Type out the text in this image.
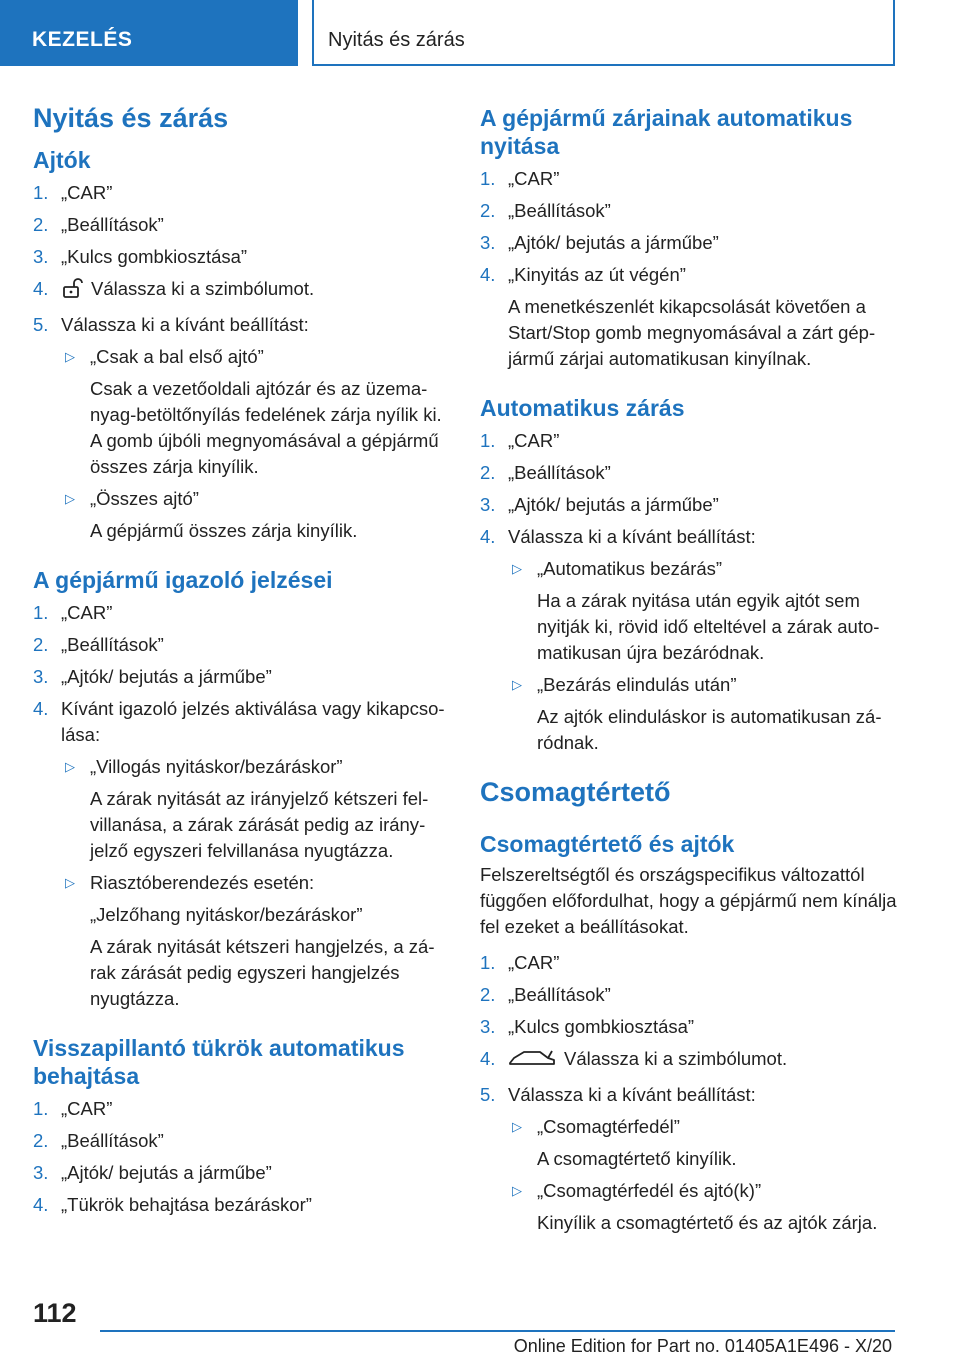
KEZELÉS	Nyitás és zárás
Nyitás és zárás
Ajtók
1. „CAR”
2. „Beállítások”
3. „Kulcs gombkiosztása”
4. Válassza ki a szimbólumot.
5. Válassza ki a kívánt beállítást:
▷ „Csak a bal első ajtó”
Csak a vezetőoldali ajtózár és az üzemanyag-betöltőnyílás fedelének zárja nyílik ki. A gomb újbóli megnyomásával a gépjármű összes zárja kinyílik.
▷ „Összes ajtó”
A gépjármű összes zárja kinyílik.
A gépjármű igazoló jelzései
1. „CAR”
2. „Beállítások”
3. „Ajtók/ bejutás a járműbe”
4. Kívánt igazoló jelzés aktiválása vagy kikapcsolása:
▷ „Villogás nyitáskor/bezáráskor”
A zárak nyitását az irányjelző kétszeri felvillanása, a zárak zárását pedig az irányjelző egyszeri felvillanása nyugtázza.
▷ Riasztóberendezés esetén:
„Jelzőhang nyitáskor/bezáráskor”
A zárak nyitását kétszeri hangjelzés, a zárak zárását pedig egyszeri hangjelzés nyugtázza.
Visszapillantó tükrök automatikus behajtása
1. „CAR”
2. „Beállítások”
3. „Ajtók/ bejutás a járműbe”
4. „Tükrök behajtása bezáráskor”
A gépjármű zárjainak automatikus nyitása
1. „CAR”
2. „Beállítások”
3. „Ajtók/ bejutás a járműbe”
4. „Kinyitás az út végén”
A menetkészenlét kikapcsolását követően a Start/Stop gomb megnyomásával a zárt gépjármű zárjai automatikusan kinyílnak.
Automatikus zárás
1. „CAR”
2. „Beállítások”
3. „Ajtók/ bejutás a járműbe”
4. Válassza ki a kívánt beállítást:
▷ „Automatikus bezárás”
Ha a zárak nyitása után egyik ajtót sem nyitják ki, rövid idő elteltével a zárak automatikusan újra bezáródnak.
▷ „Bezárás elindulás után”
Az ajtók elinduláskor is automatikusan záródnak.
Csomagtértető
Csomagtértető és ajtók
Felszereltségtől és országspecifikus változattól függően előfordulhat, hogy a gépjármű nem kínálja fel ezeket a beállításokat.
1. „CAR”
2. „Beállítások”
3. „Kulcs gombkiosztása”
4.	Válassza ki a szimbólumot.
5. Válassza ki a kívánt beállítást:
▷ „Csomagtérfedél”
A csomagtértető kinyílik.
▷ „Csomagtérfedél és ajtó(k)”
Kinyílik a csomagtértető és az ajtók zárja.
112
Online Edition for Part no. 01405A1E496 - X/20
